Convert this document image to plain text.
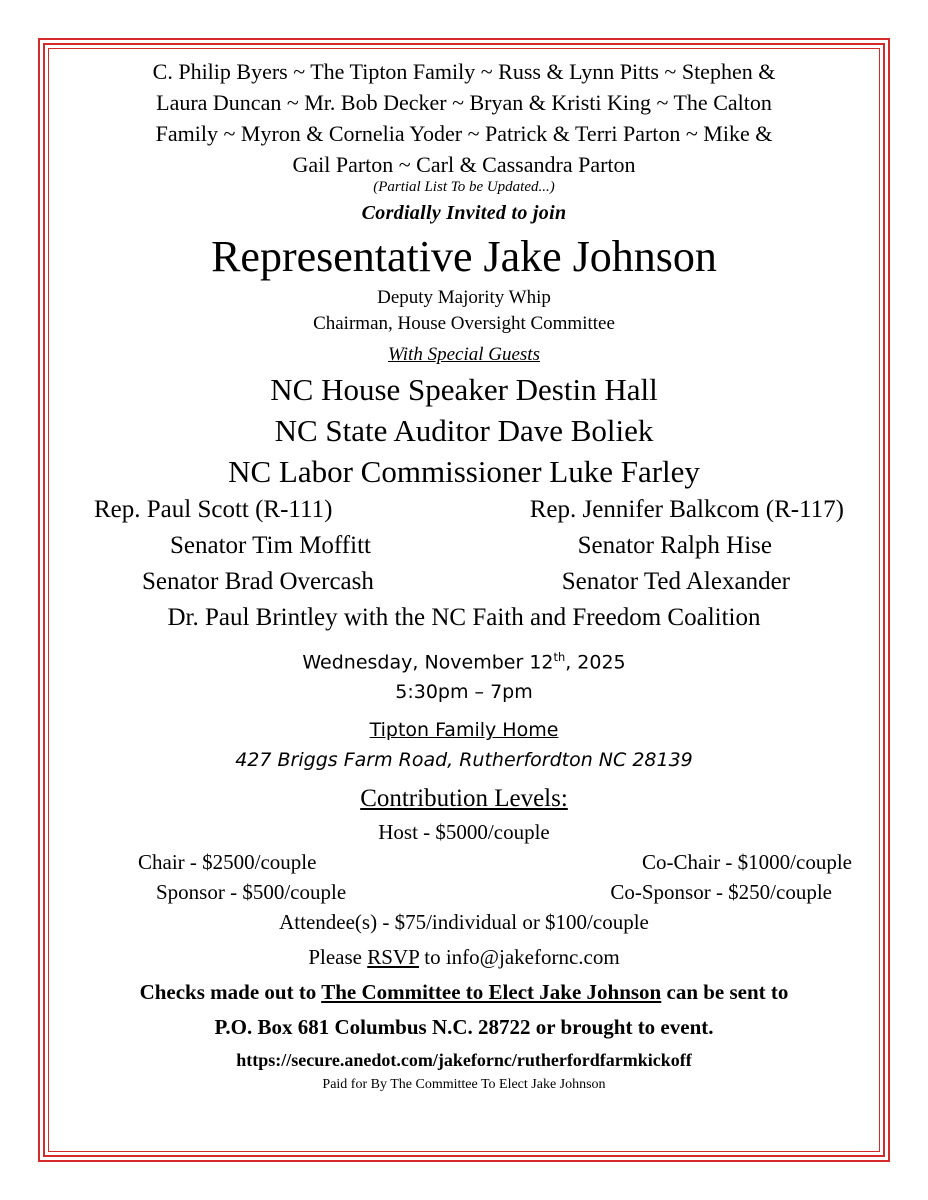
C. Philip Byers ~ The Tipton Family ~ Russ & Lynn Pitts ~ Stephen &
Laura Duncan ~ Mr. Bob Decker ~ Bryan & Kristi King ~ The Calton
Family ~ Myron & Cornelia Yoder ~ Patrick & Terri Parton ~ Mike &
Gail Parton ~ Carl & Cassandra Parton
(Partial List To be Updated...)
Cordially Invited to join
Representative Jake Johnson
Deputy Majority Whip
Chairman, House Oversight Committee
With Special Guests
NC House Speaker Destin Hall
NC State Auditor Dave Boliek
NC Labor Commissioner Luke Farley
Rep. Paul Scott (R-111)	Rep. Jennifer Balkcom (R-117)
Senator Tim Moffitt	Senator Ralph Hise
Senator Brad Overcash	Senator Ted Alexander
Dr. Paul Brintley with the NC Faith and Freedom Coalition
Wednesday, November 12th, 2025
5:30pm – 7pm
Tipton Family Home
427 Briggs Farm Road, Rutherfordton NC 28139
Contribution Levels:
Host - $5000/couple
Chair - $2500/couple	Co-Chair - $1000/couple
Sponsor - $500/couple	Co-Sponsor - $250/couple
Attendee(s) - $75/individual or $100/couple
Please RSVP to info@jakefornc.com
Checks made out to The Committee to Elect Jake Johnson can be sent to
P.O. Box 681 Columbus N.C. 28722 or brought to event.
https://secure.anedot.com/jakefornc/rutherfordfarmkickoff
Paid for By The Committee To Elect Jake Johnson
